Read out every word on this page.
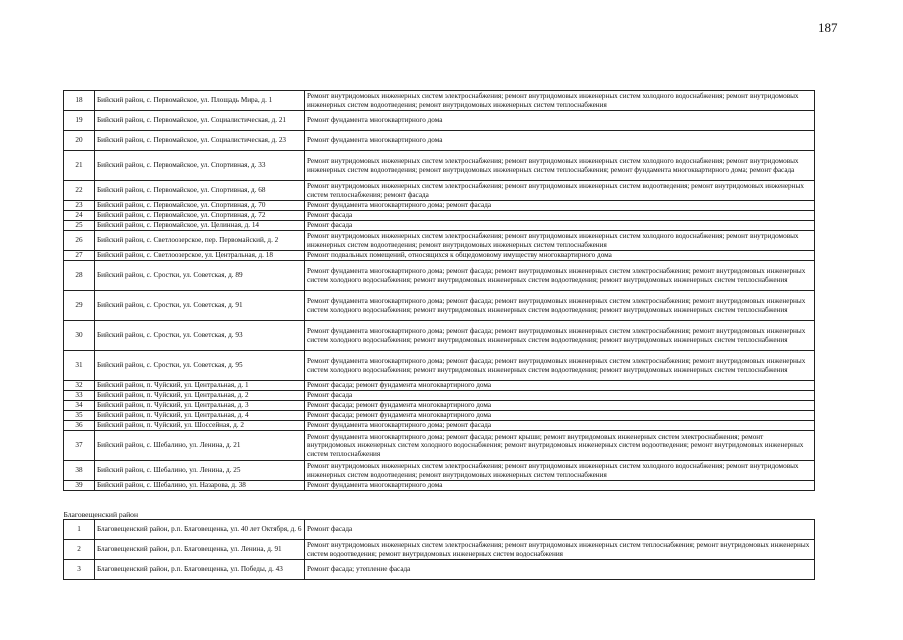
187
18	Бийский район, с. Первомайское, ул. Площадь Мира, д. 1	Ремонт внутридомовых инженерных систем электроснабжения; ремонт внутридомовых инженерных систем холодного водоснабжения; ремонт внутридомовых инженерных систем водоотведения; ремонт внутридомовых инженерных систем теплоснабжения
19	Бийский район, с. Первомайское, ул. Социалистическая, д. 21	Ремонт фундамента многоквартирного дома
20	Бийский район, с. Первомайское, ул. Социалистическая, д. 23	Ремонт фундамента многоквартирного дома
21	Бийский район, с. Первомайское, ул. Спортивная, д. 33	Ремонт внутридомовых инженерных систем электроснабжения; ремонт внутридомовых инженерных систем холодного водоснабжения; ремонт внутридомовых инженерных систем водоотведения; ремонт внутридомовых инженерных систем теплоснабжения; ремонт фундамента многоквартирного дома; ремонт фасада
22	Бийский район, с. Первомайское, ул. Спортивная, д. 68	Ремонт внутридомовых инженерных систем электроснабжения; ремонт внутридомовых инженерных систем водоотведения; ремонт внутридомовых инженерных систем теплоснабжения; ремонт фасада
23	Бийский район, с. Первомайское, ул. Спортивная, д. 70	Ремонт фундамента многоквартирного дома; ремонт фасада
24	Бийский район, с. Первомайское, ул. Спортивная, д. 72	Ремонт фасада
25	Бийский район, с. Первомайское, ул. Целинная, д. 14	Ремонт фасада
26	Бийский район, с. Светлоозерское, пер. Первомайский, д. 2	Ремонт внутридомовых инженерных систем электроснабжения; ремонт внутридомовых инженерных систем холодного водоснабжения; ремонт внутридомовых инженерных систем водоотведения; ремонт внутридомовых инженерных систем теплоснабжения
27	Бийский район, с. Светлоозерское, ул. Центральная, д. 18	Ремонт подвальных помещений, относящихся к общедомовому имуществу многоквартирного дома
28	Бийский район, с. Сростки, ул. Советская, д. 89	Ремонт фундамента многоквартирного дома; ремонт фасада; ремонт внутридомовых инженерных систем электроснабжения; ремонт внутридомовых инженерных систем холодного водоснабжения; ремонт внутридомовых инженерных систем водоотведения; ремонт внутридомовых инженерных систем теплоснабжения
29	Бийский район, с. Сростки, ул. Советская, д. 91	Ремонт фундамента многоквартирного дома; ремонт фасада; ремонт внутридомовых инженерных систем электроснабжения; ремонт внутридомовых инженерных систем холодного водоснабжения; ремонт внутридомовых инженерных систем водоотведения; ремонт внутридомовых инженерных систем теплоснабжения
30	Бийский район, с. Сростки, ул. Советская, д. 93	Ремонт фундамента многоквартирного дома; ремонт фасада; ремонт внутридомовых инженерных систем электроснабжения; ремонт внутридомовых инженерных систем холодного водоснабжения; ремонт внутридомовых инженерных систем водоотведения; ремонт внутридомовых инженерных систем теплоснабжения
31	Бийский район, с. Сростки, ул. Советская, д. 95	Ремонт фундамента многоквартирного дома; ремонт фасада; ремонт внутридомовых инженерных систем электроснабжения; ремонт внутридомовых инженерных систем холодного водоснабжения; ремонт внутридомовых инженерных систем водоотведения; ремонт внутридомовых инженерных систем теплоснабжения
32	Бийский район, п. Чуйский, ул. Центральная, д. 1	Ремонт фасада; ремонт фундамента многоквартирного дома
33	Бийский район, п. Чуйский, ул. Центральная, д. 2	Ремонт фасада
34	Бийский район, п. Чуйский, ул. Центральная, д. 3	Ремонт фасада; ремонт фундамента многоквартирного дома
35	Бийский район, п. Чуйский, ул. Центральная, д. 4	Ремонт фасада; ремонт фундамента многоквартирного дома
36	Бийский район, п. Чуйский, ул. Шоссейная, д. 2	Ремонт фундамента многоквартирного дома; ремонт фасада
37	Бийский район, с. Шебалино, ул. Ленина, д. 21	Ремонт фундамента многоквартирного дома; ремонт фасада; ремонт крыши; ремонт внутридомовых инженерных систем электроснабжения; ремонт внутридомовых инженерных систем холодного водоснабжения; ремонт внутридомовых инженерных систем водоотведения; ремонт внутридомовых инженерных систем теплоснабжения
38	Бийский район, с. Шебалино, ул. Ленина, д. 25	Ремонт внутридомовых инженерных систем электроснабжения; ремонт внутридомовых инженерных систем холодного водоснабжения; ремонт внутридомовых инженерных систем водоотведения; ремонт внутридомовых инженерных систем теплоснабжения
39	Бийский район, с. Шебалино, ул. Назарова, д. 38	Ремонт фундамента многоквартирного дома
Благовещенский район		
1	Благовещенский район, р.п. Благовещенка, ул. 40 лет Октября, д. 6	Ремонт фасада
2	Благовещенский район, р.п. Благовещенка, ул. Ленина, д. 91	Ремонт внутридомовых инженерных систем электроснабжения; ремонт внутридомовых инженерных систем теплоснабжения; ремонт внутридомовых инженерных систем водоотведения; ремонт внутридомовых инженерных систем водоснабжения
3	Благовещенский район, р.п. Благовещенка, ул. Победы, д. 43	Ремонт фасада; утепление фасада
